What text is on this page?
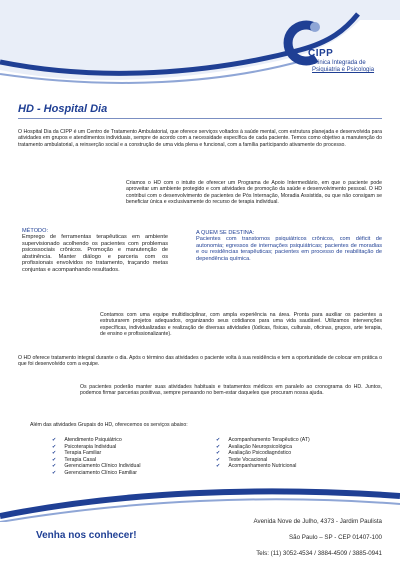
CIPP
Clínica Integrada de
Psiquiatria e Psicologia
HD - Hospital Dia
O Hospital Dia da CIPP é um Centro de Tratamento Ambulatorial, que oferece serviços voltados à saúde mental, com estrutura planejada e desenvolvida para atividades em grupos e atendimentos individuais, sempre de acordo com a necessidade específica de cada paciente. Temos como objetivo a manutenção do tratamento ambulatorial, a reinserção social e a construção de uma vida plena e funcional, com a família participando ativamente do processo.
Criamos o HD com o intuito de oferecer um Programa de Apoio Intermediário, em que o paciente pode aproveitar um ambiente protegido e com atividades de promoção da saúde e desenvolvimento pessoal. O HD contribui com o desenvolvimento de pacientes de Pós Internação, Moradia Assistida, ou que não consigam se beneficiar única e exclusivamente do recurso de terapia individual.
MÉTODO:
Emprego de ferramentas terapêuticas em ambiente supervisionado acolhendo os pacientes com problemas psicossociais crônicos. Promoção e manutenção de abstinência. Manter diálogo e parceria com os profissionais envolvidos no tratamento, traçando metas conjuntas e acompanhando resultados.
A QUEM SE DESTINA:
Pacientes com transtornos psiquiátricos crônicos, com déficit de autonomia; egressos de internações psiquiátricas; pacientes de moradias e ou residências terapêuticas; pacientes em processo de reabilitação de dependência química.
Contamos com uma equipe multidisciplinar, com ampla experiência na área. Pronta para auxiliar os pacientes a estruturarem projetos adequados, organizando seus cotidianos para uma vida saudável. Utilizamos intervenções específicas, individualizadas e realização de diversas atividades (lúdicas, físicas, culturais, oficinas, grupos, arte terapia, de ensino e profissionalizante).
O HD oferece tratamento integral durante o dia. Após o término das atividades o paciente volta à sua residência e tem a oportunidade de colocar em prática o que foi desenvolvido com a equipe.
Os pacientes poderão manter suas atividades habituais e tratamentos médicos em paralelo ao cronograma do HD. Juntos, podemos firmar parcerias positivas, sempre pensando no bem-estar daqueles que procuram nossa ajuda.
Além das atividades Grupais do HD, oferecemos os serviços abaixo:
✔ Atendimento Psiquiátrico
✔ Psicoterapia Individual
✔ Terapia Familiar
✔ Terapia Casal
✔ Gerenciamento Clínico Individual
✔ Gerenciamento Clínico Familiar
✔ Acompanhamento Terapêutico (AT)
✔ Avaliação Neuropsicológica
✔ Avaliação Psicodiagnóstico
✔ Teste Vocacional
✔ Acompanhamento Nutricional
Avenida Nove de Julho, 4373 - Jardim Paulista
São Paulo – SP - CEP 01407-100
Tels: (11) 3052-4534 / 3884-4509 / 3885-0941
Venha nos conhecer!
